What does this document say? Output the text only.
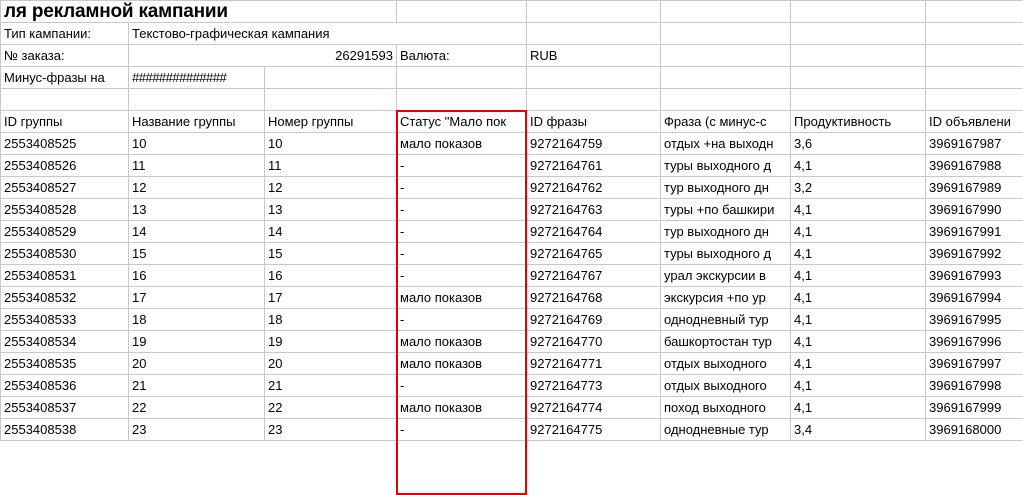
ля рекламной кампании							
Тип кампании:	Текстово-графическая кампания						
№ заказа:	26291593		Валюта:	RUB			
Минус-фразы на	##############						

ID группы	Название группы	Номер группы	Статус "Мало пок	ID фразы	Фраза (с минус-с	Продуктивность	ID объявлени
2553408525	10	10	мало показов	9272164759	отдых +на выходн	3,6	3969167987
2553408526	11	11	-	9272164761	туры выходного д	4,1	3969167988
2553408527	12	12	-	9272164762	тур выходного дн	3,2	3969167989
2553408528	13	13	-	9272164763	туры +по башкири	4,1	3969167990
2553408529	14	14	-	9272164764	тур выходного дн	4,1	3969167991
2553408530	15	15	-	9272164765	туры выходного д	4,1	3969167992
2553408531	16	16	-	9272164767	урал экскурсии в	4,1	3969167993
2553408532	17	17	мало показов	9272164768	экскурсия +по ур	4,1	3969167994
2553408533	18	18	-	9272164769	однодневный тур	4,1	3969167995
2553408534	19	19	мало показов	9272164770	башкортостан тур	4,1	3969167996
2553408535	20	20	мало показов	9272164771	отдых выходного	4,1	3969167997
2553408536	21	21	-	9272164773	отдых выходного	4,1	3969167998
2553408537	22	22	мало показов	9272164774	поход выходного	4,1	3969167999
2553408538	23	23	-	9272164775	однодневные тур	3,4	3969168000
